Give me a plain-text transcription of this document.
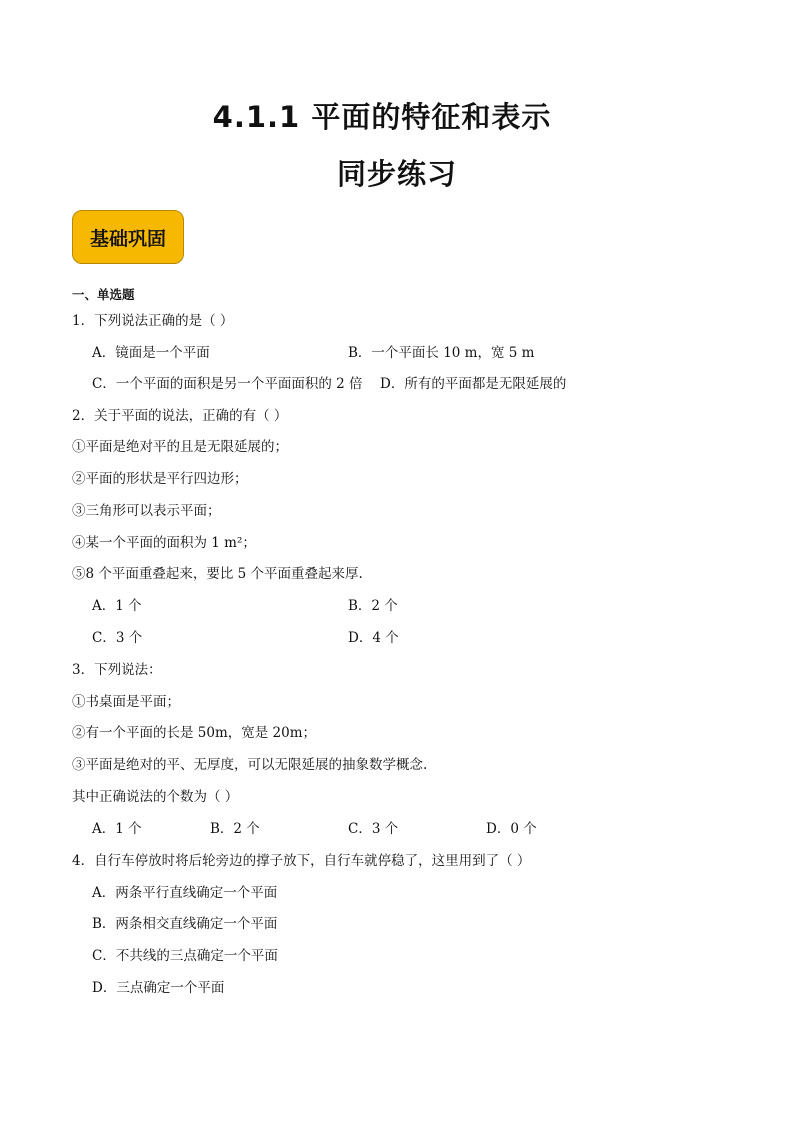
4.1.1 平面的特征和表示
同步练习
基础巩固
一、单选题
1．下列说法正确的是（ ）
A．镜面是一个平面	B．一个平面长 10 m，宽 5 m
C．一个平面的面积是另一个平面面积的 2 倍 D．所有的平面都是无限延展的
2．关于平面的说法，正确的有（ ）
①平面是绝对平的且是无限延展的；
②平面的形状是平行四边形；
③三角形可以表示平面；
④某一个平面的面积为 1 m²；
⑤8 个平面重叠起来，要比 5 个平面重叠起来厚.
A．1 个	B．2 个
C．3 个	D．4 个
3．下列说法：
①书桌面是平面；
②有一个平面的长是 50m，宽是 20m；
③平面是绝对的平、无厚度，可以无限延展的抽象数学概念.
其中正确说法的个数为（ ）
A．1 个	B．2 个	C．3 个	D．0 个
4．自行车停放时将后轮旁边的撑子放下，自行车就停稳了，这里用到了（ ）
A．两条平行直线确定一个平面
B．两条相交直线确定一个平面
C．不共线的三点确定一个平面
D．三点确定一个平面
